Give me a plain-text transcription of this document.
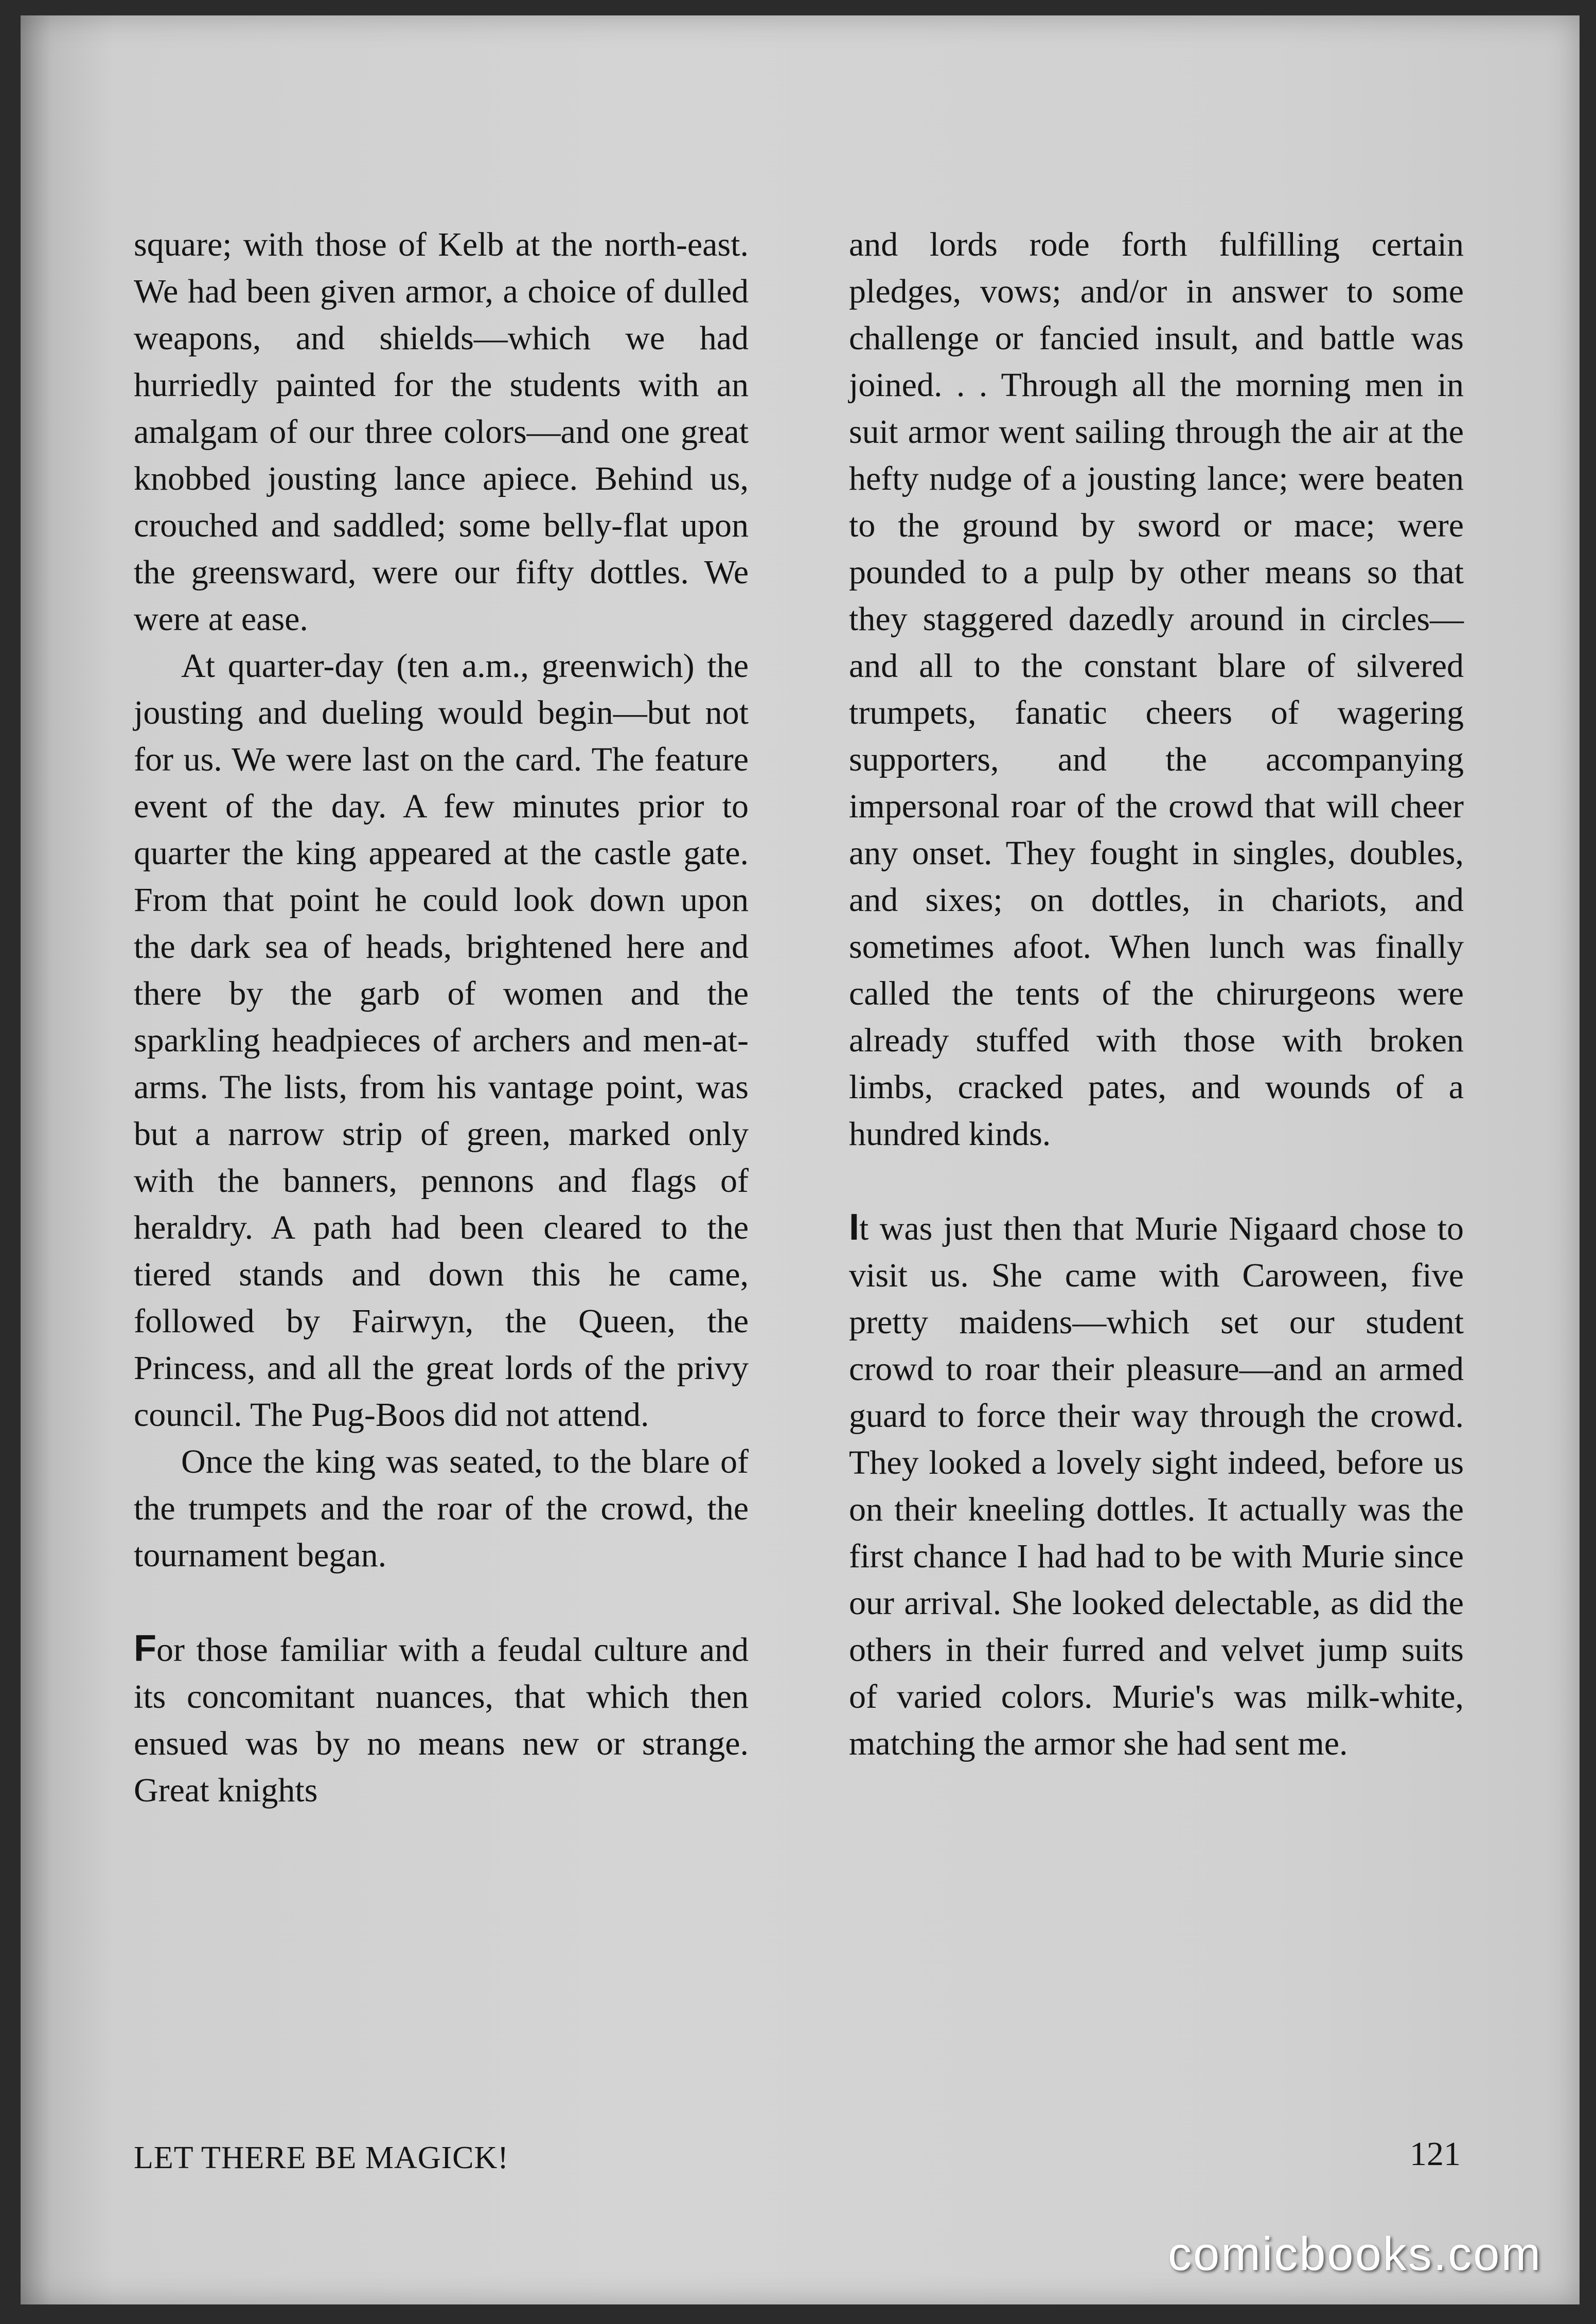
square; with those of Kelb at the north-east. We had been given armor, a choice of dulled weapons, and shields—which we had hurriedly painted for the students with an amalgam of our three colors—and one great knobbed jousting lance apiece. Behind us, crouched and saddled; some belly-flat upon the greensward, were our fifty dottles. We were at ease.

At quarter-day (ten a.m., greenwich) the jousting and dueling would begin—but not for us. We were last on the card. The feature event of the day. A few minutes prior to quarter the king appeared at the castle gate. From that point he could look down upon the dark sea of heads, brightened here and there by the garb of women and the sparkling headpieces of archers and men-at-arms. The lists, from his vantage point, was but a narrow strip of green, marked only with the banners, pennons and flags of heraldry. A path had been cleared to the tiered stands and down this he came, followed by Fairwyn, the Queen, the Princess, and all the great lords of the privy council. The Pug-Boos did not attend.

Once the king was seated, to the blare of the trumpets and the roar of the crowd, the tournament began.

For those familiar with a feudal culture and its concomitant nuances, that which then ensued was by no means new or strange. Great knights

and lords rode forth fulfilling certain pledges, vows; and/or in answer to some challenge or fancied insult, and battle was joined. . . Through all the morning men in suit armor went sailing through the air at the hefty nudge of a jousting lance; were beaten to the ground by sword or mace; were pounded to a pulp by other means so that they staggered dazedly around in circles—and all to the constant blare of silvered trumpets, fanatic cheers of wagering supporters, and the accompanying impersonal roar of the crowd that will cheer any onset. They fought in singles, doubles, and sixes; on dottles, in chariots, and sometimes afoot. When lunch was finally called the tents of the chirurgeons were already stuffed with those with broken limbs, cracked pates, and wounds of a hundred kinds.

It was just then that Murie Nigaard chose to visit us. She came with Caroween, five pretty maidens—which set our student crowd to roar their pleasure—and an armed guard to force their way through the crowd. They looked a lovely sight indeed, before us on their kneeling dottles. It actually was the first chance I had had to be with Murie since our arrival. She looked delectable, as did the others in their furred and velvet jump suits of varied colors. Murie's was milk-white, matching the armor she had sent me.

LET THERE BE MAGICK!	121
comicbooks.com
